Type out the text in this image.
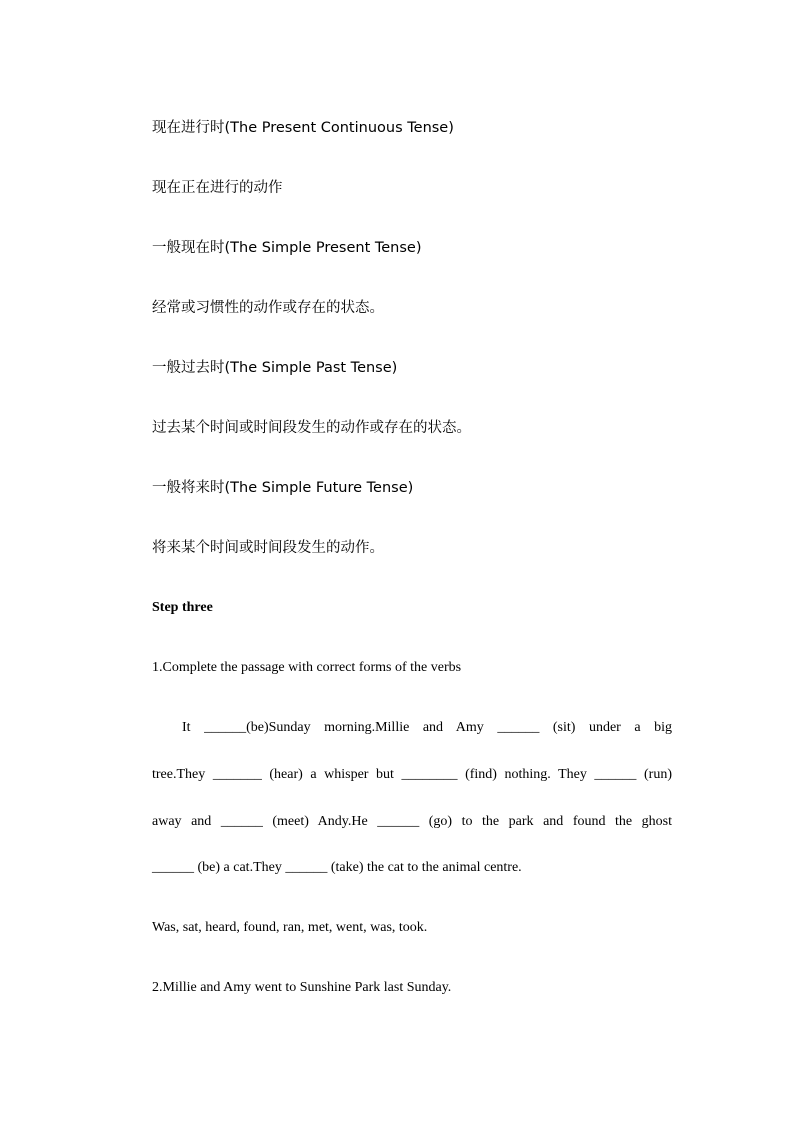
现在进行时(The Present Continuous Tense)
现在正在进行的动作
一般现在时(The Simple Present Tense)
经常或习惯性的动作或存在的状态。
一般过去时(The Simple Past Tense)
过去某个时间或时间段发生的动作或存在的状态。
一般将来时(The Simple Future Tense)
将来某个时间或时间段发生的动作。
Step three
1.Complete the passage with correct forms of the verbs
It ______(be)Sunday morning.Millie and Amy ______ (sit) under a big
tree.They _______ (hear) a whisper but ________ (find) nothing. They ______ (run)
away and ______ (meet) Andy.He ______ (go) to the park and found the ghost
______ (be) a cat.They ______ (take) the cat to the animal centre.
Was, sat, heard, found, ran, met, went, was, took.
2.Millie and Amy went to Sunshine Park last Sunday.
